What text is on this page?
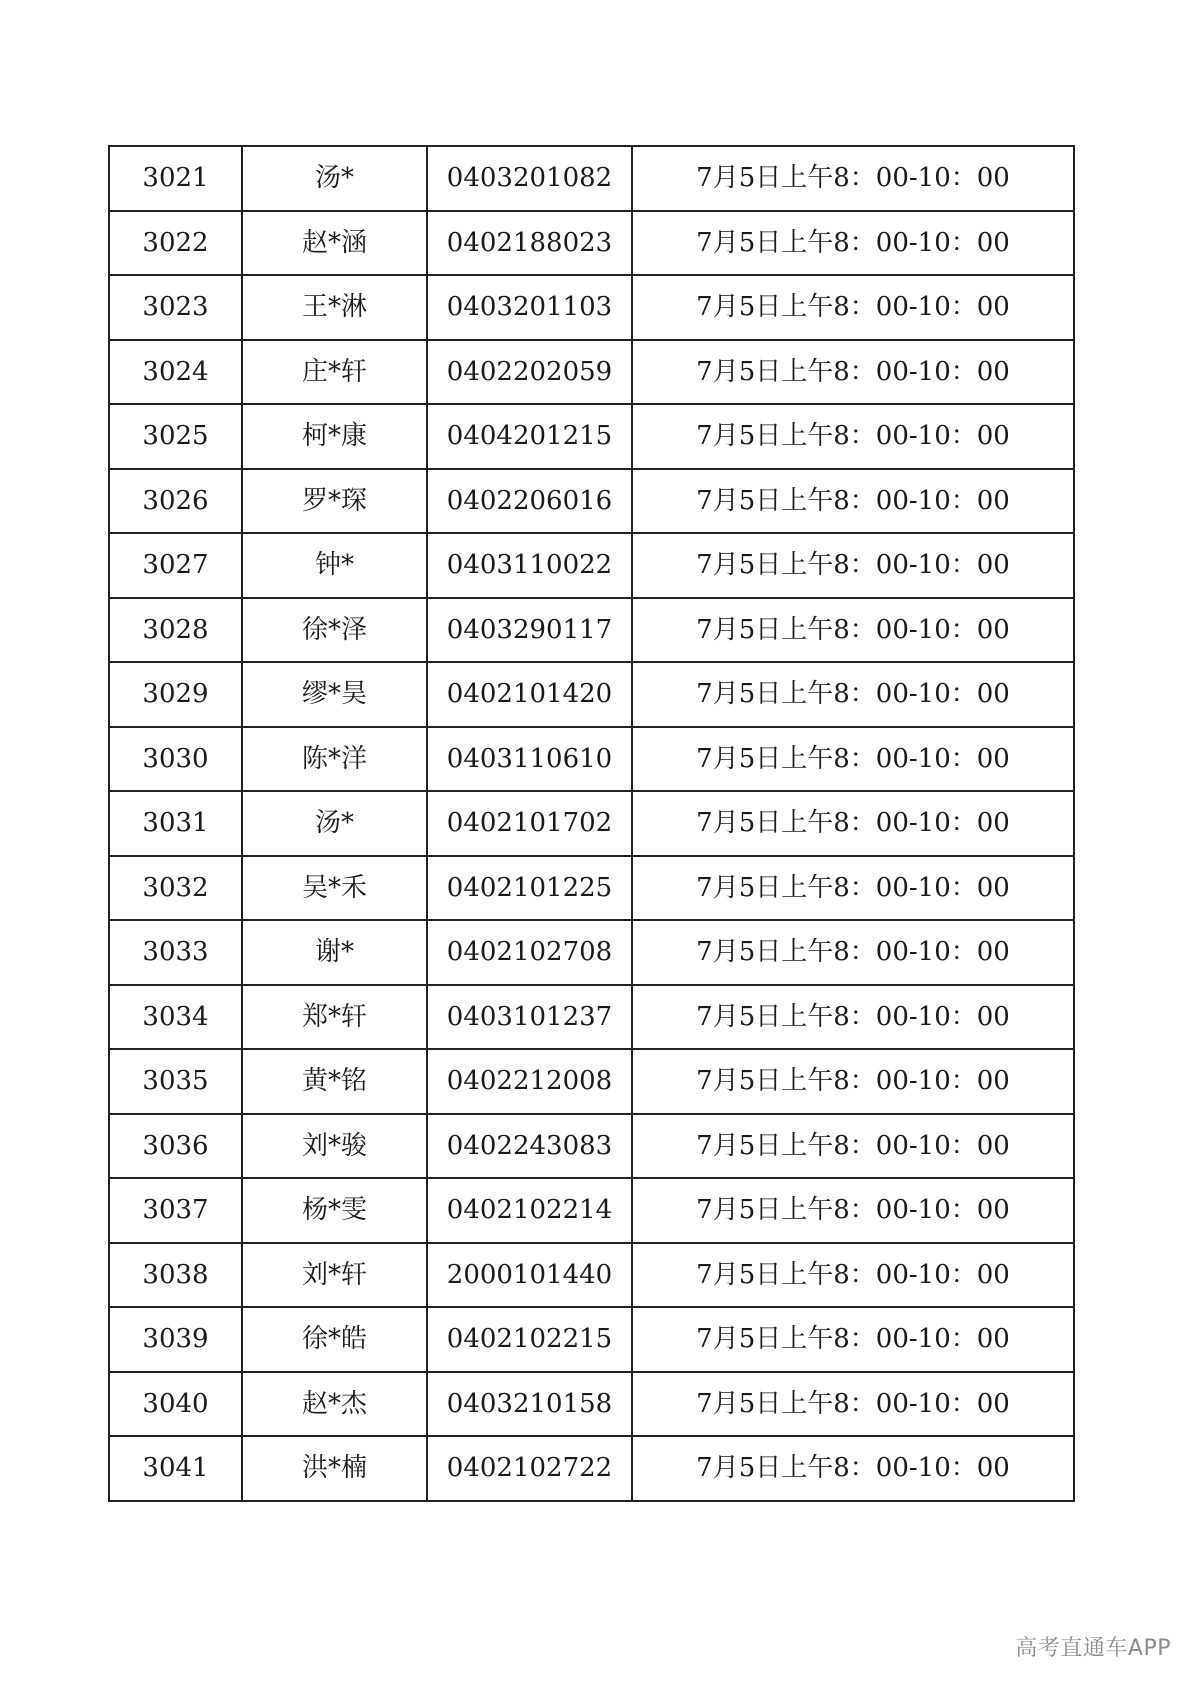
3021	汤*	0403201082	7月5日上午8：00-10：00
3022	赵*涵	0402188023	7月5日上午8：00-10：00
3023	王*淋	0403201103	7月5日上午8：00-10：00
3024	庄*轩	0402202059	7月5日上午8：00-10：00
3025	柯*康	0404201215	7月5日上午8：00-10：00
3026	罗*琛	0402206016	7月5日上午8：00-10：00
3027	钟*	0403110022	7月5日上午8：00-10：00
3028	徐*泽	0403290117	7月5日上午8：00-10：00
3029	缪*昊	0402101420	7月5日上午8：00-10：00
3030	陈*洋	0403110610	7月5日上午8：00-10：00
3031	汤*	0402101702	7月5日上午8：00-10：00
3032	吴*禾	0402101225	7月5日上午8：00-10：00
3033	谢*	0402102708	7月5日上午8：00-10：00
3034	郑*轩	0403101237	7月5日上午8：00-10：00
3035	黄*铭	0402212008	7月5日上午8：00-10：00
3036	刘*骏	0402243083	7月5日上午8：00-10：00
3037	杨*雯	0402102214	7月5日上午8：00-10：00
3038	刘*轩	2000101440	7月5日上午8：00-10：00
3039	徐*皓	0402102215	7月5日上午8：00-10：00
3040	赵*杰	0403210158	7月5日上午8：00-10：00
3041	洪*楠	0402102722	7月5日上午8：00-10：00
高考直通车APP
